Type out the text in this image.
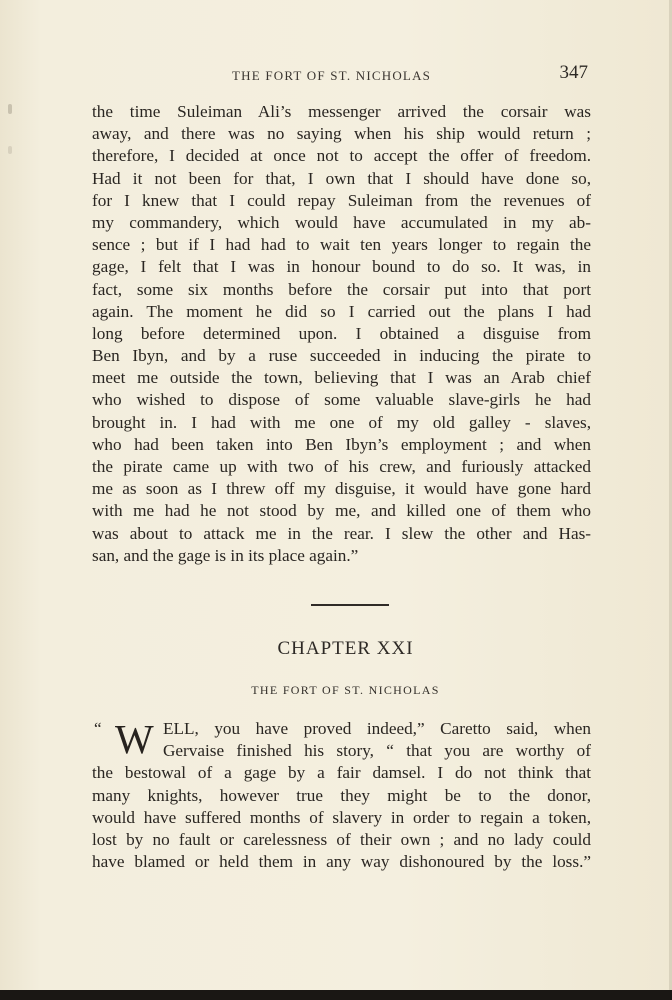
THE FORT OF ST. NICHOLAS	347
the time Suleiman Ali’s messenger arrived the corsair was
away, and there was no saying when his ship would return ;
therefore, I decided at once not to accept the offer of freedom.
Had it not been for that, I own that I should have done so,
for I knew that I could repay Suleiman from the revenues of
my commandery, which would have accumulated in my ab-
sence ; but if I had had to wait ten years longer to regain the
gage, I felt that I was in honour bound to do so. It was, in
fact, some six months before the corsair put into that port
again. The moment he did so I carried out the plans I had
long before determined upon. I obtained a disguise from
Ben Ibyn, and by a ruse succeeded in inducing the pirate to
meet me outside the town, believing that I was an Arab chief
who wished to dispose of some valuable slave-girls he had
brought in. I had with me one of my old galley - slaves,
who had been taken into Ben Ibyn’s employment ; and when
the pirate came up with two of his crew, and furiously attacked
me as soon as I threw off my disguise, it would have gone hard
with me had he not stood by me, and killed one of them who
was about to attack me in the rear. I slew the other and Has-
san, and the gage is in its place again.”
CHAPTER XXI
THE FORT OF ST. NICHOLAS
“ W ELL, you have proved indeed,” Caretto said, when
Gervaise finished his story, “ that you are worthy of
the bestowal of a gage by a fair damsel. I do not think that
many knights, however true they might be to the donor,
would have suffered months of slavery in order to regain a token,
lost by no fault or carelessness of their own ; and no lady could
have blamed or held them in any way dishonoured by the loss.”
